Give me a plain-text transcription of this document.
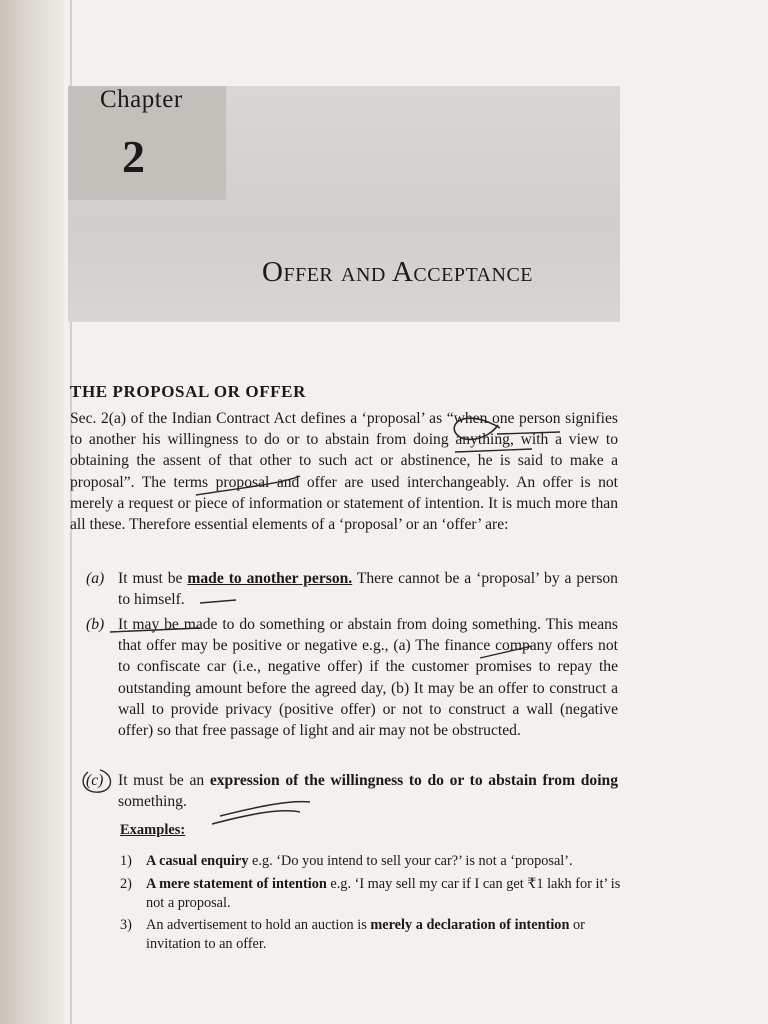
Chapter
2
Offer and Acceptance
THE PROPOSAL OR OFFER
Sec. 2(a) of the Indian Contract Act defines a ‘proposal’ as “when one person signifies to another his willingness to do or to abstain from doing anything, with a view to obtaining the assent of that other to such act or abstinence, he is said to make a proposal”. The terms proposal and offer are used interchangeably. An offer is not merely a request or piece of information or statement of intention. It is much more than all these. Therefore essential elements of a ‘proposal’ or an ‘offer’ are:
(a) It must be made to another person. There cannot be a ‘proposal’ by a person to himself.
(b) It may be made to do something or abstain from doing something. This means that offer may be positive or negative e.g., (a) The finance company offers not to confiscate car (i.e., negative offer) if the customer promises to repay the outstanding amount before the agreed day, (b) It may be an offer to construct a wall to provide privacy (positive offer) or not to construct a wall (negative offer) so that free passage of light and air may not be obstructed.
(c) It must be an expression of the willingness to do or to abstain from doing something.
Examples:
1) A casual enquiry e.g. ‘Do you intend to sell your car?’ is not a ‘proposal’.
2) A mere statement of intention e.g. ‘I may sell my car if I can get ₹1 lakh for it’ is not a proposal.
3) An advertisement to hold an auction is merely a declaration of intention or invitation to an offer.
